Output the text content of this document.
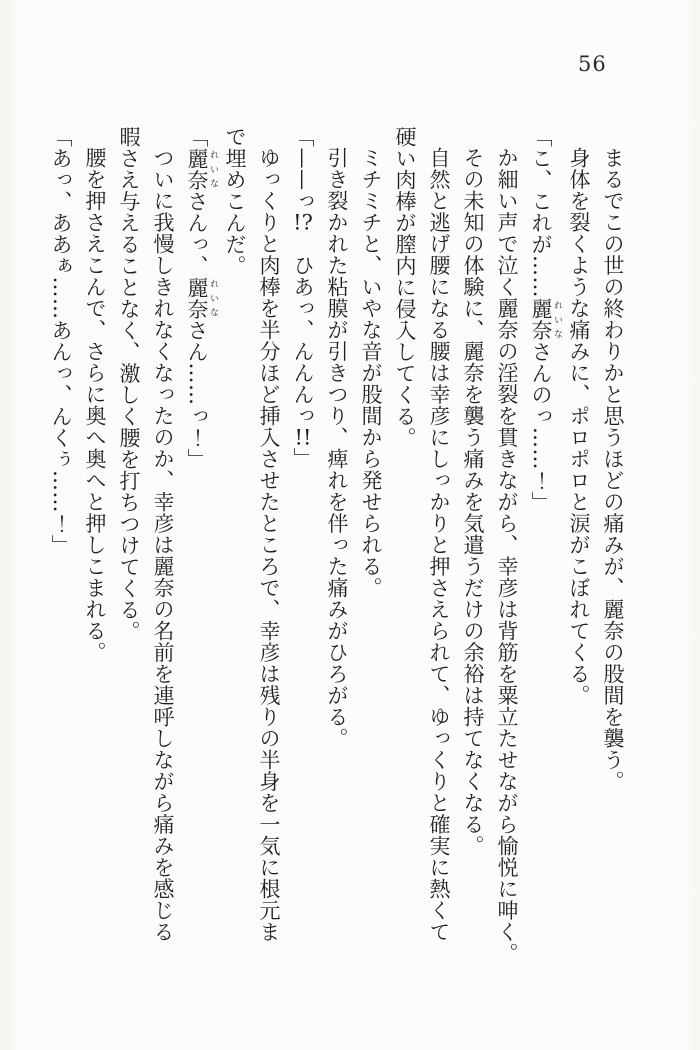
56

まるでこの世の終わりかと思うほどの痛みが、麗奈の股間を襲う。

身体を裂くような痛みに、ポロポロと涙がこぼれてくる。

「こ、これが……麗奈 れいなさんのっ……！」

か細い声で泣く麗奈の淫裂を貫きながら、幸彦は背筋を粟立たせながら愉悦に呻く。

その未知の体験に、麗奈を襲う痛みを気遣うだけの余裕は持てなくなる。

自然と逃げ腰になる腰は幸彦にしっかりと押さえられて、ゆっくりと確実に熱くて

硬い肉棒が膣内に侵入してくる。

ミチミチと、いやな音が股間から発せられる。

引き裂かれた粘膜が引きつり、痺れを伴った痛みがひろがる。

「——っ!?　ひあっ、んんんっ!!」

ゆっくりと肉棒を半分ほど挿入させたところで、幸彦は残りの半身を一気に根元ま

で埋めこんだ。

「麗奈 れいなさんっ、麗奈 れいなさん……っ！」

ついに我慢しきれなくなったのか、幸彦は麗奈の名前を連呼しながら痛みを感じる

暇さえ与えることなく、激しく腰を打ちつけてくる。

腰を押さえこんで、さらに奥へ奥へと押しこまれる。

「あっ、ああぁ……あんっ、んくぅ……！」
